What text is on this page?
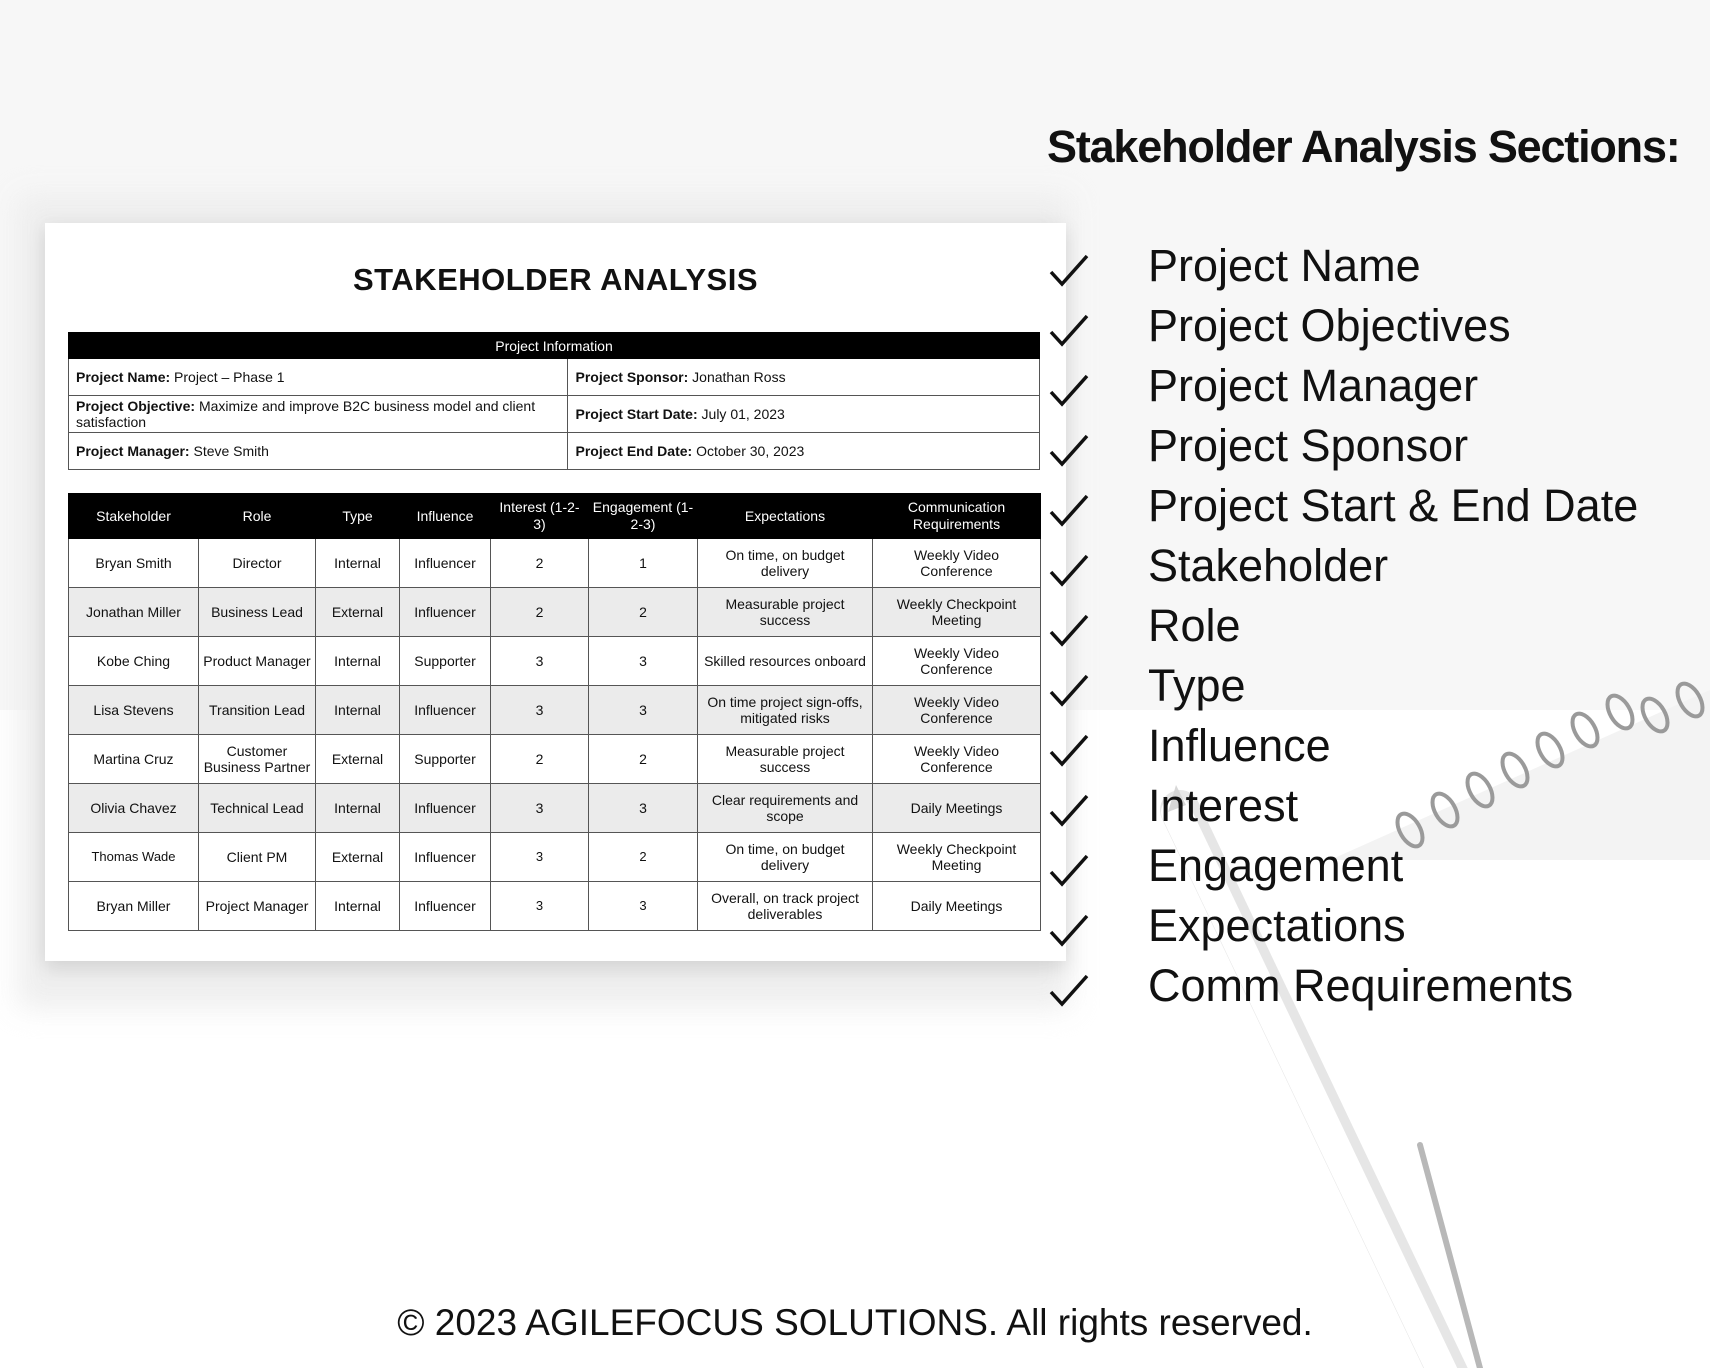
STAKEHOLDER ANALYSIS
Project Information	
Project Name: Project – Phase 1	Project Sponsor: Jonathan Ross
Project Objective: Maximize and improve B2C business model and client satisfaction	Project Start Date: July 01, 2023
Project Manager: Steve Smith	Project End Date: October 30, 2023
Stakeholder	Role	Type	Influence	Interest (1-2-3)	Engagement (1-2-3)	Expectations	Communication Requirements
Bryan Smith	Director	Internal	Influencer	2	1	On time, on budget delivery	Weekly Video Conference
Jonathan Miller	Business Lead	External	Influencer	2	2	Measurable project success	Weekly Checkpoint Meeting
Kobe Ching	Product Manager	Internal	Supporter	3	3	Skilled resources onboard	Weekly Video Conference
Lisa Stevens	Transition Lead	Internal	Influencer	3	3	On time project sign-offs, mitigated risks	Weekly Video Conference
Martina Cruz	Customer Business Partner	External	Supporter	2	2	Measurable project success	Weekly Video Conference
Olivia Chavez	Technical Lead	Internal	Influencer	3	3	Clear requirements and scope	Daily Meetings
Thomas Wade	Client PM	External	Influencer	3	2	On time, on budget delivery	Weekly Checkpoint Meeting
Bryan Miller	Project Manager	Internal	Influencer	3	3	Overall, on track project deliverables	Daily Meetings
Stakeholder Analysis Sections:
Project Name
Project Objectives
Project Manager
Project Sponsor
Project Start & End Date
Stakeholder
Role
Type
Influence
Interest
Engagement
Expectations
Comm Requirements
© 2023 AGILEFOCUS SOLUTIONS. All rights reserved.
